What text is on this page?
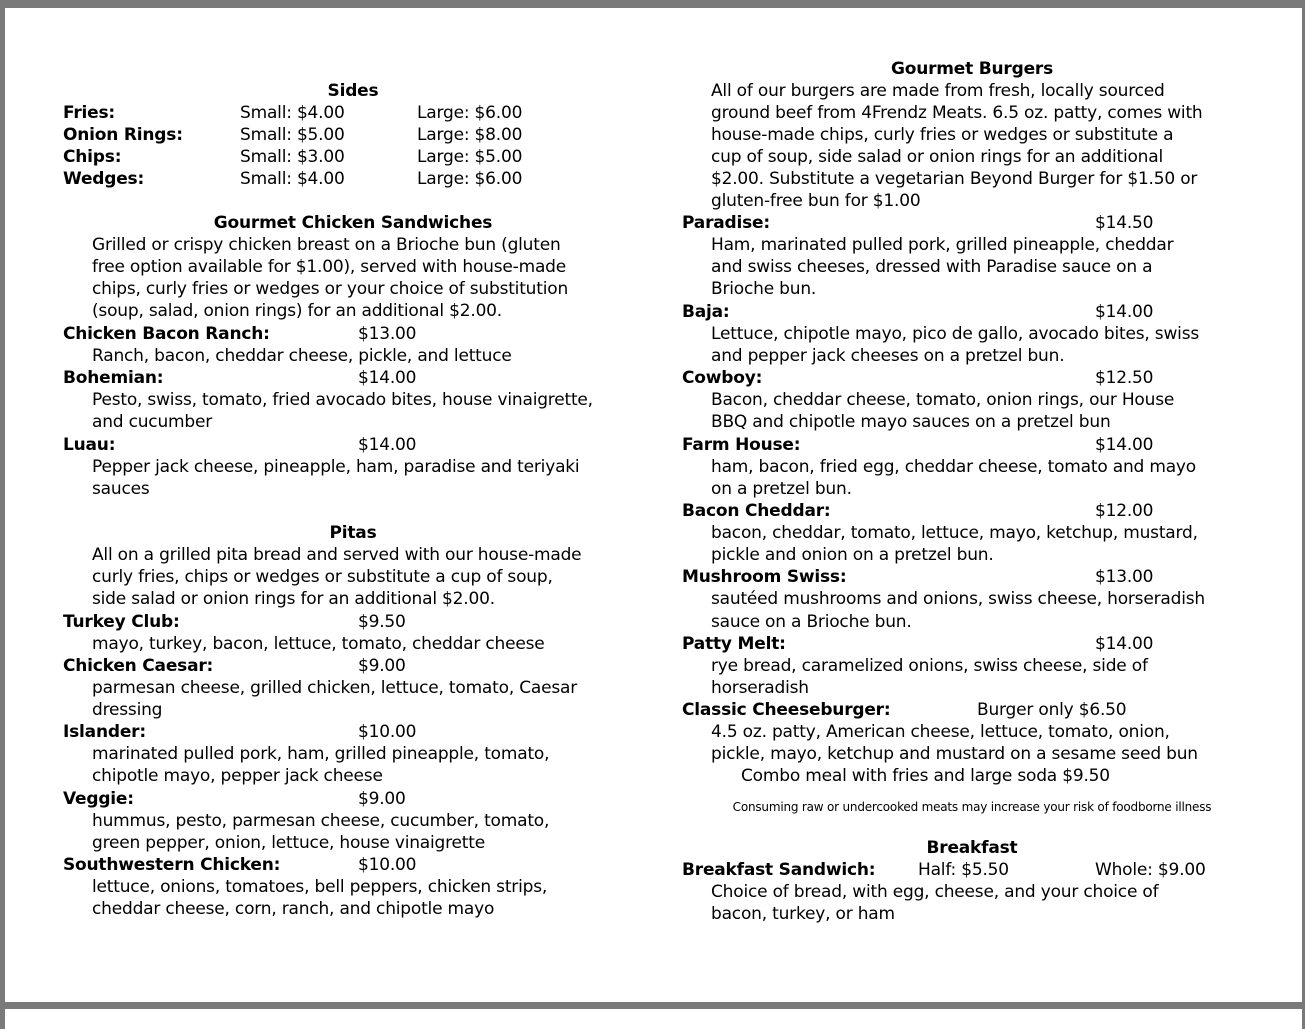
Sides
Fries:	Small: $4.00	Large: $6.00
Onion Rings:	Small: $5.00	Large: $8.00
Chips:	Small: $3.00	Large: $5.00
Wedges:	Small: $4.00	Large: $6.00
Gourmet Chicken Sandwiches
Grilled or crispy chicken breast on a Brioche bun (gluten
free option available for $1.00), served with house-made
chips, curly fries or wedges or your choice of substitution
(soup, salad, onion rings) for an additional $2.00.
Chicken Bacon Ranch:	$13.00
Ranch, bacon, cheddar cheese, pickle, and lettuce
Bohemian:	$14.00
Pesto, swiss, tomato, fried avocado bites, house vinaigrette,
and cucumber
Luau:	$14.00
Pepper jack cheese, pineapple, ham, paradise and teriyaki
sauces
Pitas
All on a grilled pita bread and served with our house-made
curly fries, chips or wedges or substitute a cup of soup,
side salad or onion rings for an additional $2.00.
Turkey Club:	$9.50
mayo, turkey, bacon, lettuce, tomato, cheddar cheese
Chicken Caesar:	$9.00
parmesan cheese, grilled chicken, lettuce, tomato, Caesar
dressing
Islander:	$10.00
marinated pulled pork, ham, grilled pineapple, tomato,
chipotle mayo, pepper jack cheese
Veggie:	$9.00
hummus, pesto, parmesan cheese, cucumber, tomato,
green pepper, onion, lettuce, house vinaigrette
Southwestern Chicken:	$10.00
lettuce, onions, tomatoes, bell peppers, chicken strips,
cheddar cheese, corn, ranch, and chipotle mayo
Gourmet Burgers
All of our burgers are made from fresh, locally sourced
ground beef from 4Frendz Meats. 6.5 oz. patty, comes with
house-made chips, curly fries or wedges or substitute a
cup of soup, side salad or onion rings for an additional
$2.00. Substitute a vegetarian Beyond Burger for $1.50 or
gluten-free bun for $1.00
Paradise:	$14.50
Ham, marinated pulled pork, grilled pineapple, cheddar
and swiss cheeses, dressed with Paradise sauce on a
Brioche bun.
Baja:	$14.00
Lettuce, chipotle mayo, pico de gallo, avocado bites, swiss
and pepper jack cheeses on a pretzel bun.
Cowboy:	$12.50
Bacon, cheddar cheese, tomato, onion rings, our House
BBQ and chipotle mayo sauces on a pretzel bun
Farm House:	$14.00
ham, bacon, fried egg, cheddar cheese, tomato and mayo
on a pretzel bun.
Bacon Cheddar:	$12.00
bacon, cheddar, tomato, lettuce, mayo, ketchup, mustard,
pickle and onion on a pretzel bun.
Mushroom Swiss:	$13.00
sautéed mushrooms and onions, swiss cheese, horseradish
sauce on a Brioche bun.
Patty Melt:	$14.00
rye bread, caramelized onions, swiss cheese, side of
horseradish
Classic Cheeseburger:	Burger only $6.50
4.5 oz. patty, American cheese, lettuce, tomato, onion,
pickle, mayo, ketchup and mustard on a sesame seed bun
Combo meal with fries and large soda $9.50
Consuming raw or undercooked meats may increase your risk of foodborne illness
Breakfast
Breakfast Sandwich:	Half: $5.50	Whole: $9.00
Choice of bread, with egg, cheese, and your choice of
bacon, turkey, or ham
